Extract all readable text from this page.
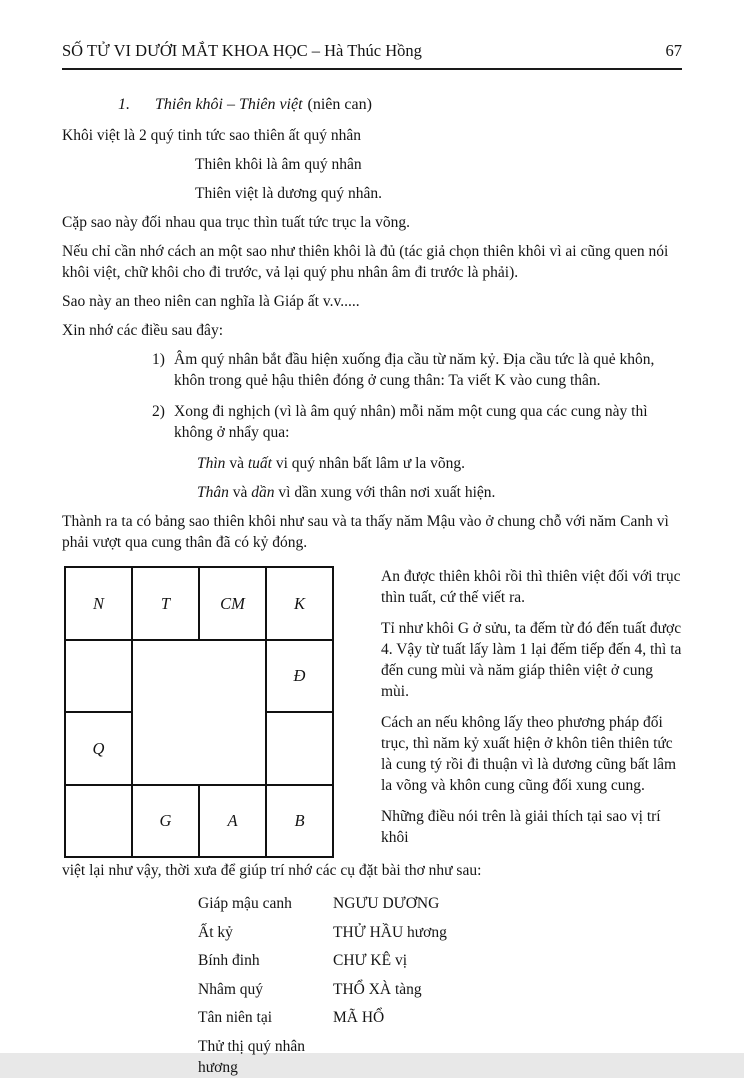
SỐ TỬ VI DƯỚI MẮT KHOA HỌC – Hà Thúc Hồng	67
1. Thiên khôi – Thiên việt (niên can)

Khôi việt là 2 quý tinh tức sao thiên ất quý nhân

Thiên khôi là âm quý nhân

Thiên việt là dương quý nhân.

Cặp sao này đối nhau qua trục thìn tuất tức trục la võng.

Nếu chỉ cần nhớ cách an một sao như thiên khôi là đủ (tác giả chọn thiên khôi vì ai cũng quen nói khôi việt, chữ khôi cho đi trước, vả lại quý phu nhân âm đi trước là phải).

Sao này an theo niên can nghĩa là Giáp ất v.v.....

Xin nhớ các điều sau đây:

1) Âm quý nhân bắt đầu hiện xuống địa cầu từ năm kỷ. Địa cầu tức là quẻ khôn, khôn trong quẻ hậu thiên đóng ở cung thân: Ta viết K vào cung thân.
2) Xong đi nghịch (vì là âm quý nhân) mỗi năm một cung qua các cung này thì không ở nhẩy qua:

Thìn và tuất vi quý nhân bất lâm ư la võng.

Thân và dần vì dần xung với thân nơi xuất hiện.

Thành ra ta có bảng sao thiên khôi như sau và ta thấy năm Mậu vào ở chung chỗ với năm Canh vì phải vượt qua cung thân đã có kỷ đóng.

N	T	CM	K
			Đ
Q			
	G	A	B

An được thiên khôi rồi thì thiên việt đối với trục thìn tuất, cứ thế viết ra.

Tỉ như khôi G ở sửu, ta đếm từ đó đến tuất được 4. Vậy từ tuất lấy làm 1 lại đếm tiếp đến 4, thì ta đến cung mùi và năm giáp thiên việt ở cung mùi.

Cách an nếu không lấy theo phương pháp đối trục, thì năm kỷ xuất hiện ở khôn tiên thiên tức là cung tý rồi đi thuận vì là dương cũng bất lâm la võng và khôn cung cũng đối xung cung.

Những điều nói trên là giải thích tại sao vị trí khôi

việt lại như vậy, thời xưa để giúp trí nhớ các cụ đặt bài thơ như sau:

Giáp mậu canh	NGƯU DƯƠNG
Ất kỷ	THỬ HẦU hương
Bính đinh	CHƯ KÊ vị
Nhâm quý	THỔ XÀ tàng
Tân niên tại	MÃ HỔ
Thử thị quý nhân hương
